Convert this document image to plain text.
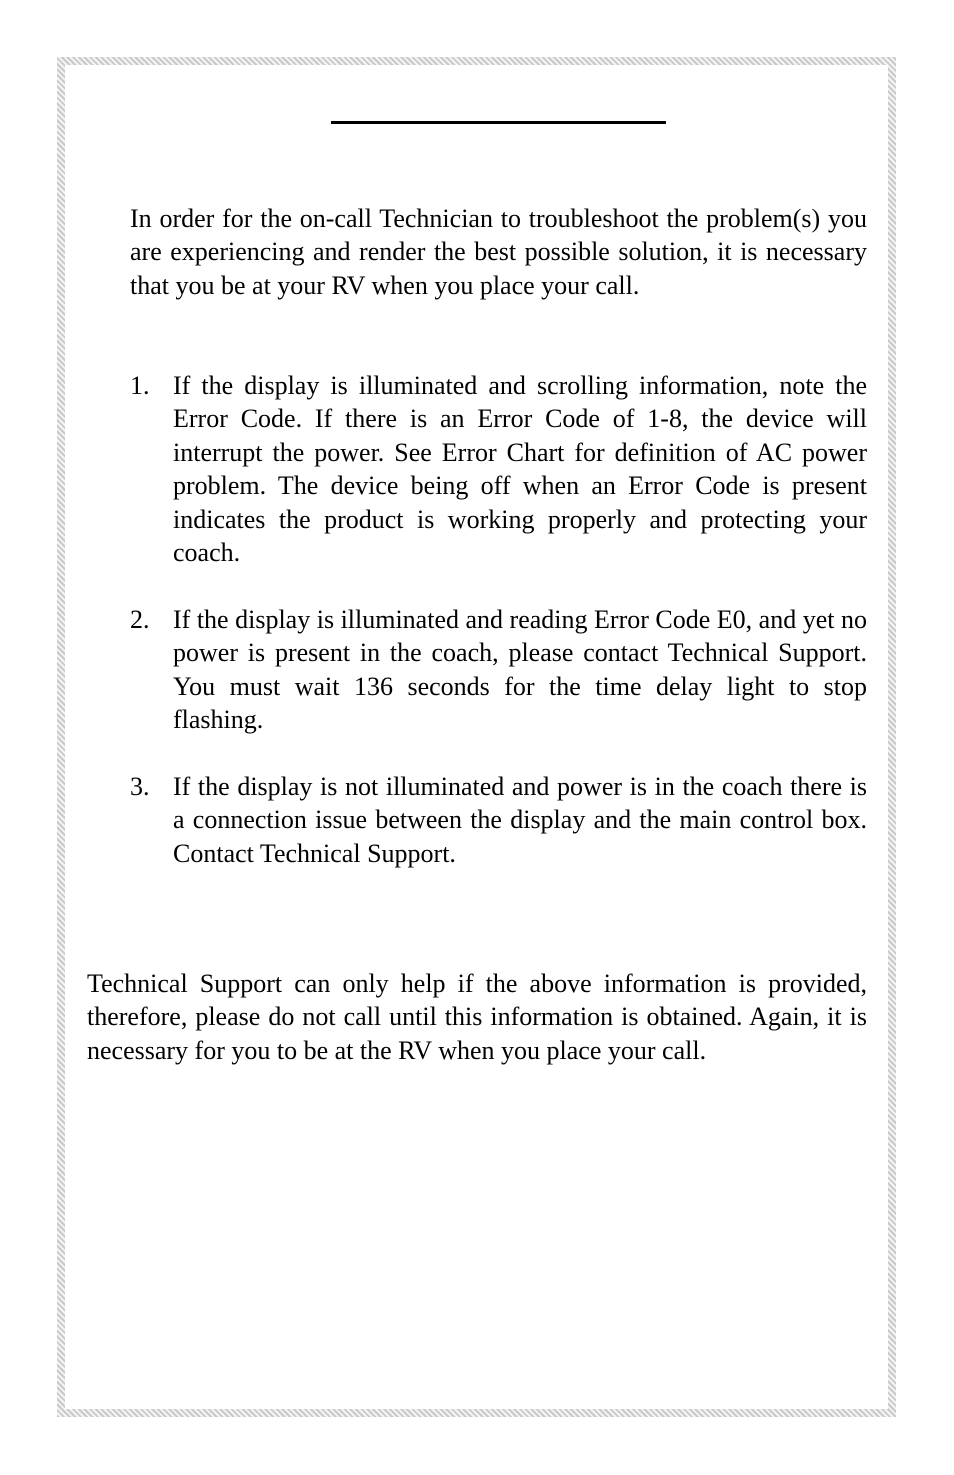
In order for the on-call Technician to troubleshoot the problem(s) you are experiencing and render the best possible solution, it is necessary that you be at your RV when you place your call.

1. If the display is illuminated and scrolling information, note the Error Code. If there is an Error Code of 1-8, the device will interrupt the power. See Error Chart for definition of AC power problem. The device being off when an Error Code is present indicates the product is working properly and protecting your coach.
2. If the display is illuminated and reading Error Code E0, and yet no power is present in the coach, please contact Technical Support. You must wait 136 seconds for the time delay light to stop flashing.
3. If the display is not illuminated and power is in the coach there is a connection issue between the display and the main control box. Contact Technical Support.

Technical Support can only help if the above information is provided, therefore, please do not call until this information is obtained. Again, it is necessary for you to be at the RV when you place your call.
